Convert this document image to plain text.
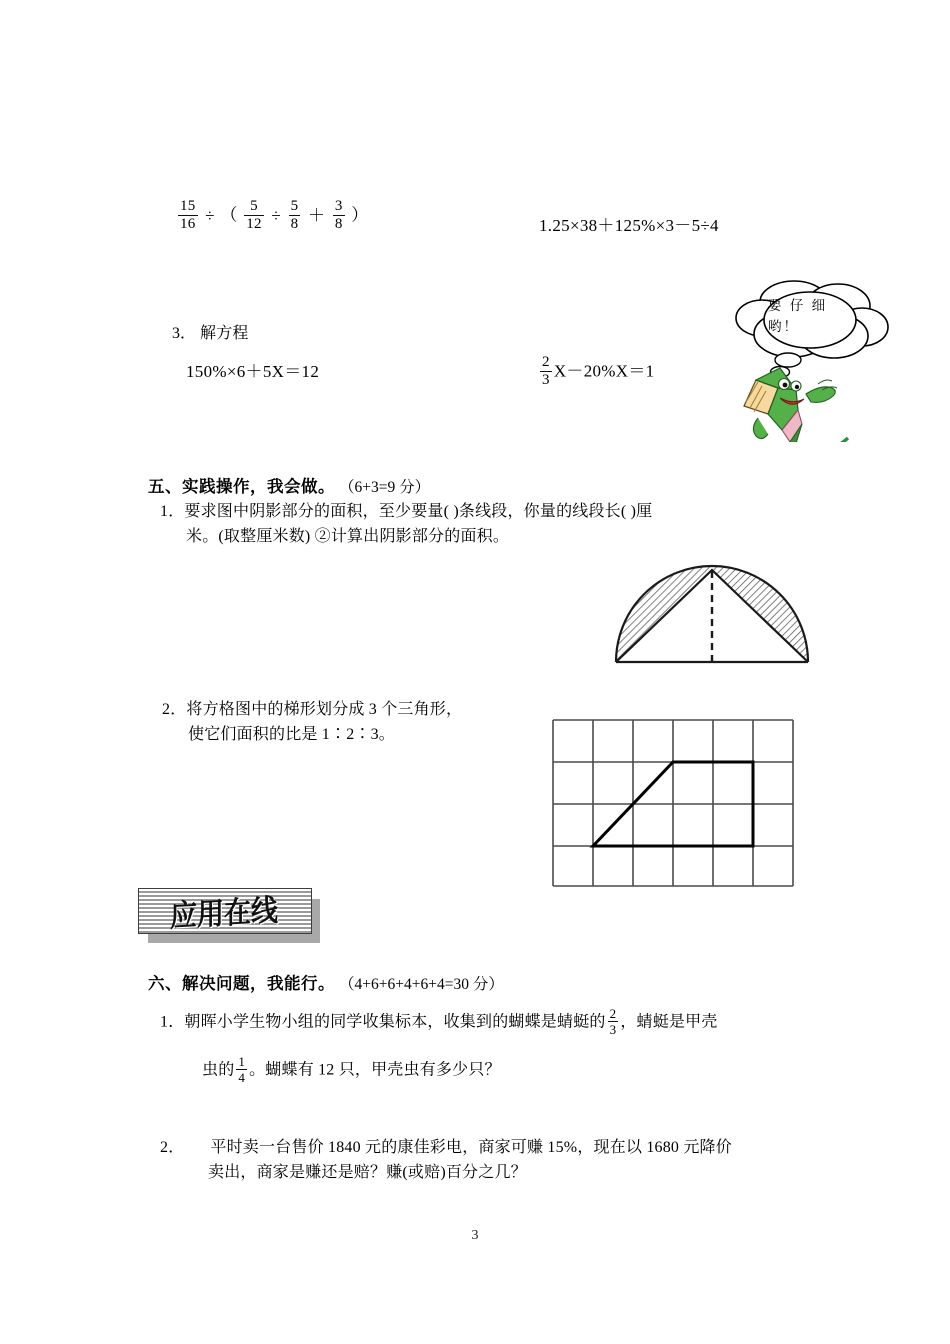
$\frac{15}{16}$ ÷ （ $\frac{5}{12} \div \frac{5}{8} + \frac{3}{8}$ ）
1.25×38＋125%×3－5÷4
要 仔 细
哟！
3． 解方程
150%×6＋5X＝12	$\frac{2}{3} X-20\%X=1$
五、实践操作，我会做。 （6+3=9 分）
1．要求图中阴影部分的面积，至少要量( )条线段，你量的线段长( )厘
米。(取整厘米数) ②计算出阴影部分的面积。
2．将方格图中的梯形划分成 3 个三角形，
使它们面积的比是 1∶2∶3。
应用在线
六、解决问题，我能行。 （4+6+6+4+6+4=30 分）
1．朝晖小学生物小组的同学收集标本，收集到的蝴蝶是蜻蜓的 $\frac{2}{3}$ ，蜻蜓是甲壳
虫的 $\frac{1}{4}$ 。蝴蝶有 12 只，甲壳虫有多少只？
2． 平时卖一台售价 1840 元的康佳彩电，商家可赚 15%，现在以 1680 元降价
卖出，商家是赚还是赔？赚(或赔)百分之几？
3
